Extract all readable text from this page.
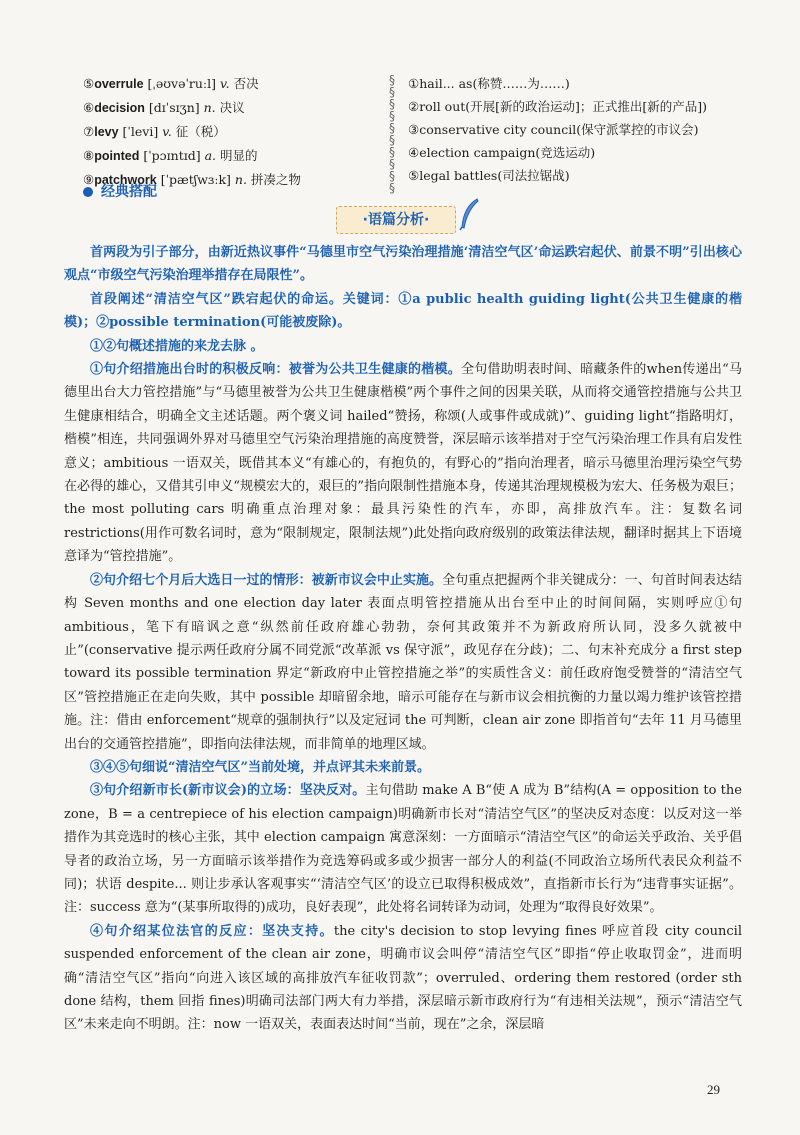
⑤overrule [ˌəʊvəˈruːl] v. 否决
⑥decision [dɪˈsɪʒn] n. 决议
⑦levy [ˈlevi] v. 征（税）
⑧pointed [ˈpɔɪntɪd] a. 明显的
⑨patchwork [ˈpætʃwɜːk] n. 拼凑之物
§
§
§
§
§
§
§
§
§
§
①hail... as(称赞……为……)
②roll out(开展[新的政治运动]；正式推出[新的产品])
③conservative city council(保守派掌控的市议会)
④election campaign(竞选运动)
⑤legal battles(司法拉锯战)
经典搭配
·语篇分析·

首两段为引子部分，由新近热议事件“马德里市空气污染治理措施‘清洁空气区’命运跌宕起伏、前景不明”引出核心观点“市级空气污染治理举措存在局限性”。

首段阐述“清洁空气区”跌宕起伏的命运。关键词：①a public health guiding light(公共卫生健康的楷模)；②possible termination(可能被废除)。

①②句概述措施的来龙去脉 。

①句介绍措施出台时的积极反响：被誉为公共卫生健康的楷模。全句借助明表时间、暗藏条件的when传递出“马德里出台大力管控措施”与“马德里被誉为公共卫生健康楷模”两个事件之间的因果关联，从而将交通管控措施与公共卫生健康相结合，明确全文主述话题。两个褒义词 hailed“赞扬，称颂(人或事件或成就)”、guiding light“指路明灯，楷模”相连，共同强调外界对马德里空气污染治理措施的高度赞誉，深层暗示该举措对于空气污染治理工作具有启发性意义；ambitious 一语双关，既借其本义“有雄心的，有抱负的，有野心的”指向治理者，暗示马德里治理污染空气势在必得的雄心，又借其引申义“规模宏大的，艰巨的”指向限制性措施本身，传递其治理规模极为宏大、任务极为艰巨；the most polluting cars 明确重点治理对象：最具污染性的汽车，亦即，高排放汽车。注：复数名词 restrictions(用作可数名词时，意为“限制规定，限制法规”)此处指向政府级别的政策法律法规，翻译时据其上下语境意译为“管控措施”。

②句介绍七个月后大选日一过的情形：被新市议会中止实施。全句重点把握两个非关键成分：一、句首时间表达结构 Seven months and one election day later 表面点明管控措施从出台至中止的时间间隔，实则呼应①句 ambitious，笔下有暗讽之意“纵然前任政府雄心勃勃，奈何其政策并不为新政府所认同，没多久就被中止”(conservative 提示两任政府分属不同党派“改革派 vs 保守派”，政见存在分歧)；二、句末补充成分 a first step toward its possible termination 界定“新政府中止管控措施之举”的实质性含义：前任政府饱受赞誉的“清洁空气区”管控措施正在走向失败，其中 possible 却暗留余地，暗示可能存在与新市议会相抗衡的力量以竭力维护该管控措施。注：借由 enforcement“规章的强制执行”以及定冠词 the 可判断，clean air zone 即指首句“去年 11 月马德里出台的交通管控措施”，即指向法律法规，而非简单的地理区域。

③④⑤句细说“清洁空气区”当前处境，并点评其未来前景。

③句介绍新市长(新市议会)的立场：坚决反对。主句借助 make A B“使 A 成为 B”结构(A = opposition to the zone，B = a centrepiece of his election campaign)明确新市长对“清洁空气区”的坚决反对态度：以反对这一举措作为其竞选时的核心主张，其中 election campaign 寓意深刻：一方面暗示“清洁空气区”的命运关乎政治、关乎倡导者的政治立场，另一方面暗示该举措作为竞选筹码或多或少损害一部分人的利益(不同政治立场所代表民众利益不同)；状语 despite... 则让步承认客观事实“‘清洁空气区’的设立已取得积极成效”，直指新市长行为“违背事实证据”。注：success 意为“(某事所取得的)成功，良好表现”，此处将名词转译为动词，处理为“取得良好效果”。

④句介绍某位法官的反应：坚决支持。the city's decision to stop levying fines 呼应首段 city council suspended enforcement of the clean air zone，明确市议会叫停“清洁空气区”即指“停止收取罚金”，进而明确“清洁空气区”指向“向进入该区域的高排放汽车征收罚款”；overruled、ordering them restored (order sth done 结构，them 回指 fines)明确司法部门两大有力举措，深层暗示新市政府行为“有违相关法规”，预示“清洁空气区”未来走向不明朗。注：now 一语双关，表面表达时间“当前，现在”之余，深层暗

29
